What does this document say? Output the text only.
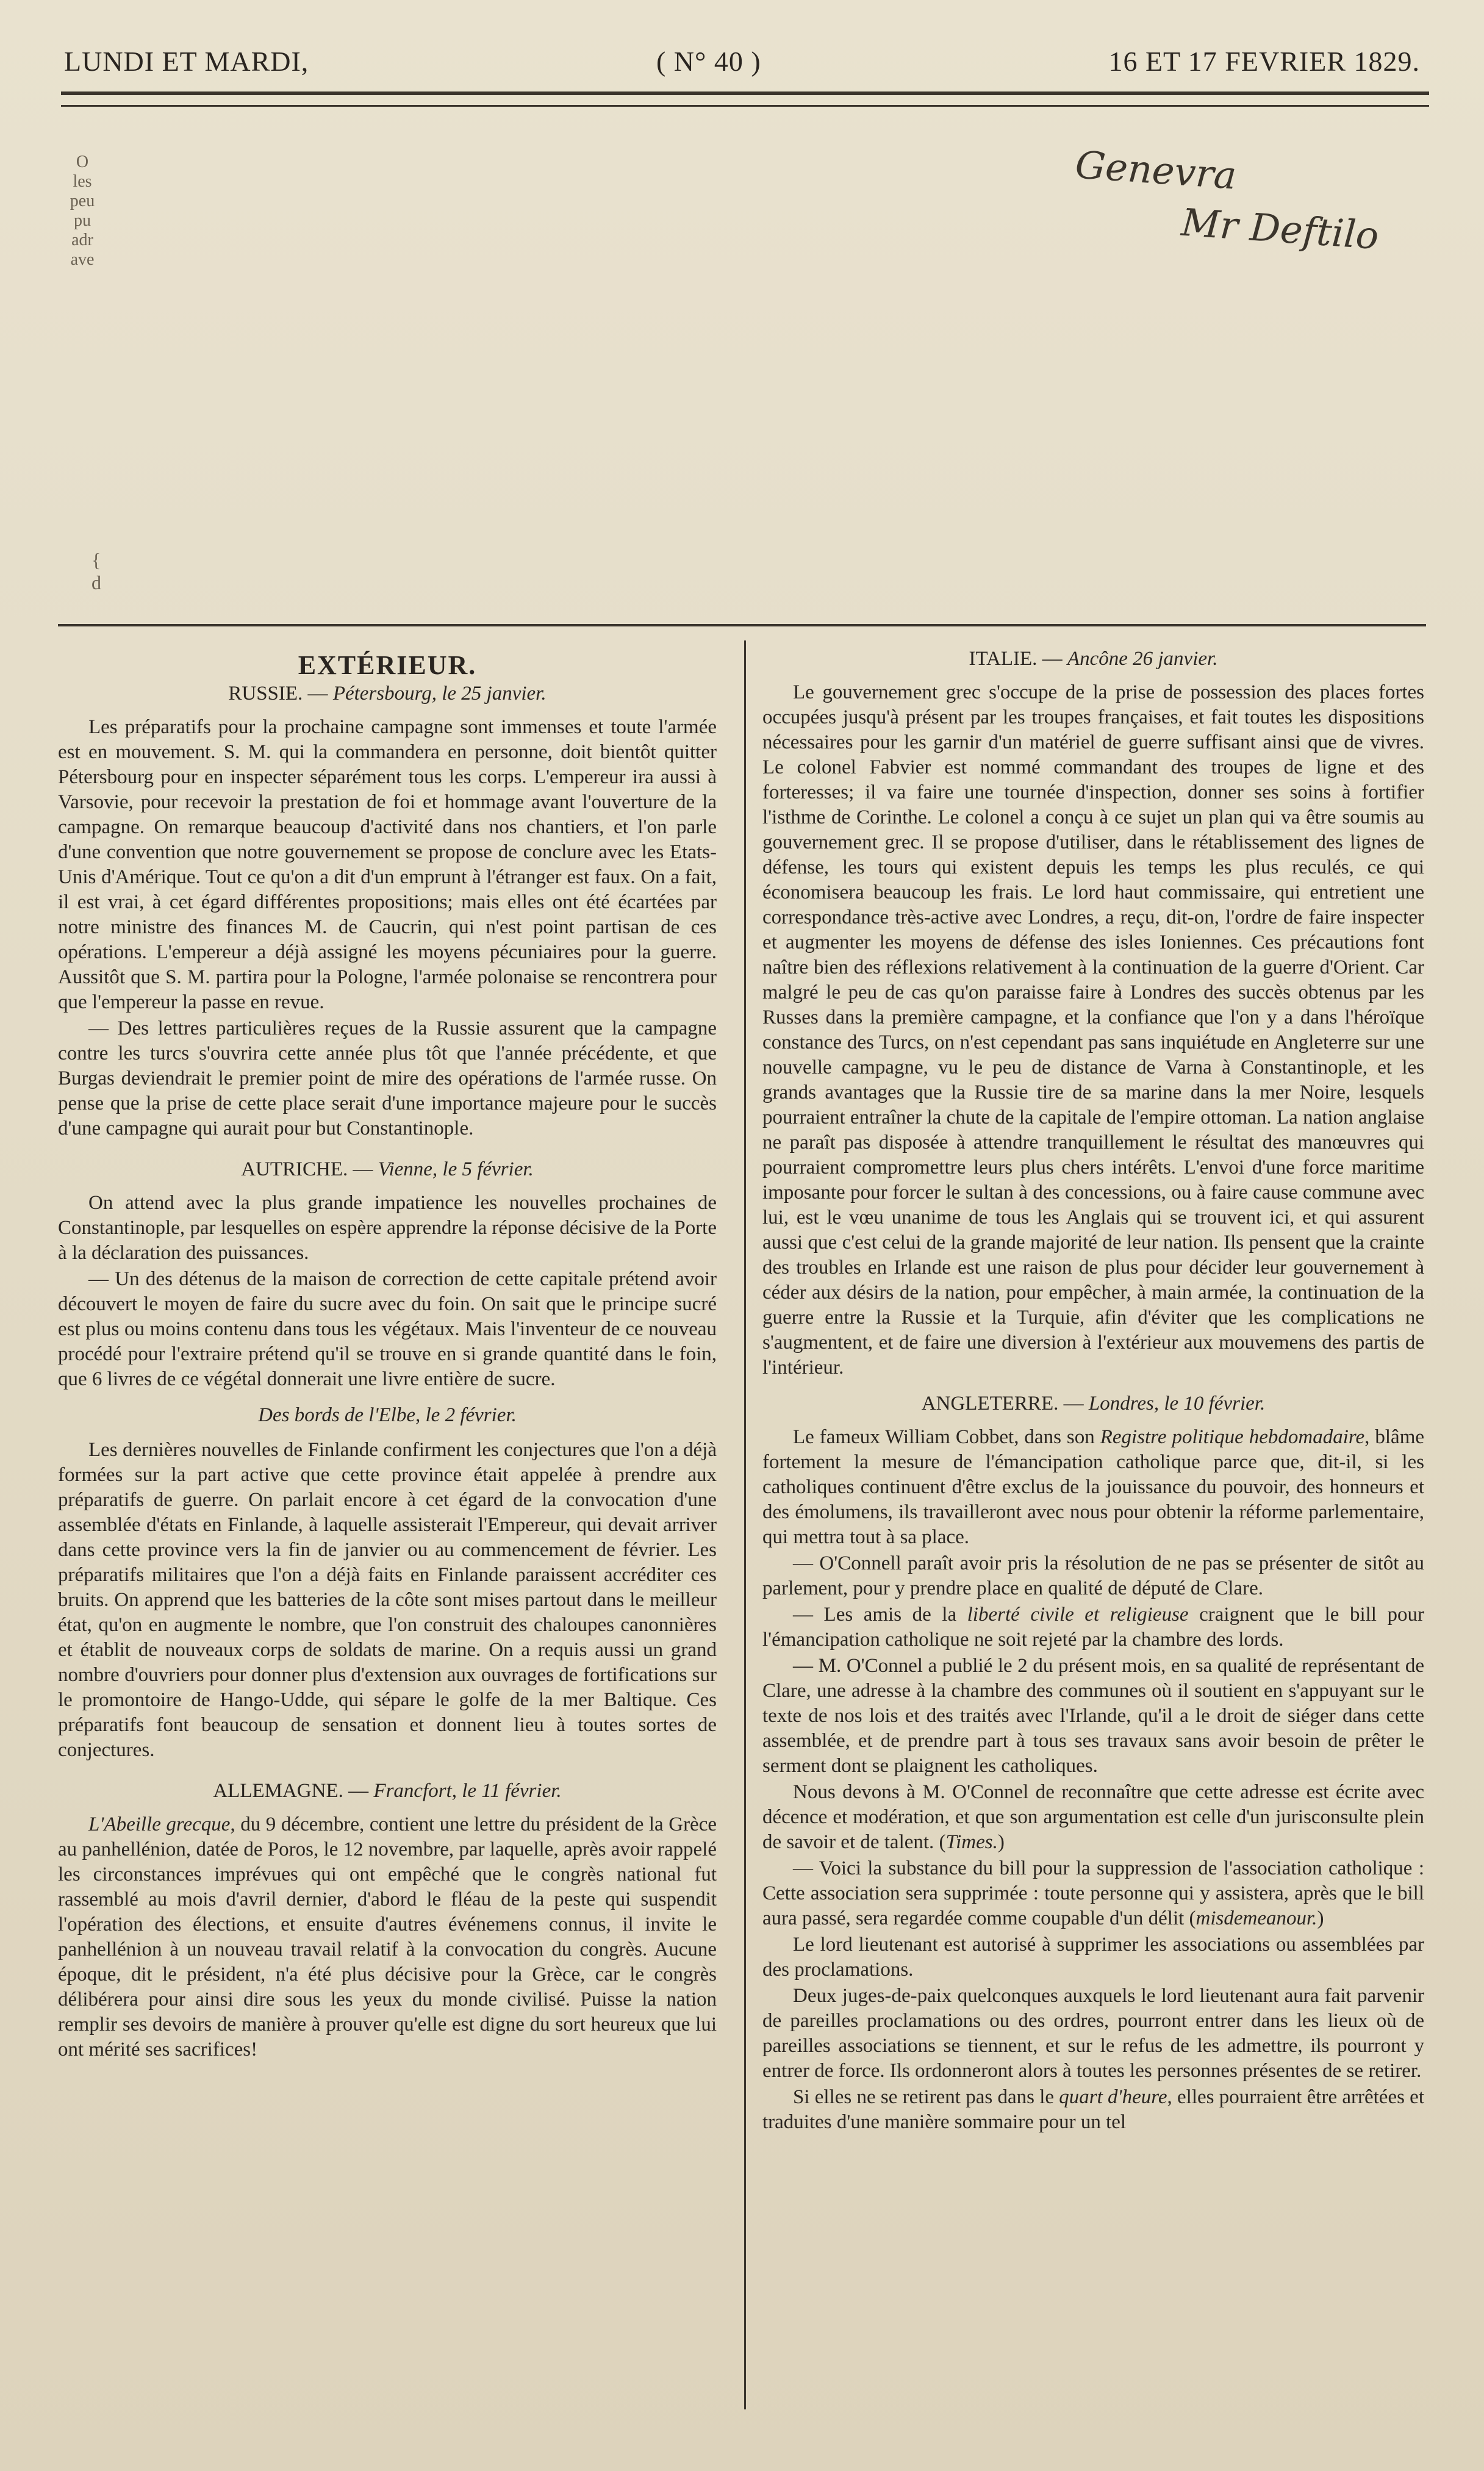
LUNDI ET MARDI,	( N° 40 )	16 ET 17 FEVRIER 1829.
O
les
peu
pu
adr
ave
{
d
Genevra
Mr Deftilo
EXTÉRIEUR.
RUSSIE. — Pétersbourg, le 25 janvier.

Les préparatifs pour la prochaine campagne sont immenses et toute l'armée est en mouvement. S. M. qui la commandera en personne, doit bientôt quitter Pétersbourg pour en inspecter séparément tous les corps. L'empereur ira aussi à Varsovie, pour recevoir la prestation de foi et hommage avant l'ouverture de la campagne. On remarque beaucoup d'activité dans nos chantiers, et l'on parle d'une convention que notre gouvernement se propose de conclure avec les Etats-Unis d'Amérique. Tout ce qu'on a dit d'un emprunt à l'étranger est faux. On a fait, il est vrai, à cet égard différentes propositions; mais elles ont été écartées par notre ministre des finances M. de Caucrin, qui n'est point partisan de ces opérations. L'empereur a déjà assigné les moyens pécuniaires pour la guerre. Aussitôt que S. M. partira pour la Pologne, l'armée polonaise se rencontrera pour que l'empereur la passe en revue.

— Des lettres particulières reçues de la Russie assurent que la campagne contre les turcs s'ouvrira cette année plus tôt que l'année précédente, et que Burgas deviendrait le premier point de mire des opérations de l'armée russe. On pense que la prise de cette place serait d'une importance majeure pour le succès d'une campagne qui aurait pour but Constantinople.

AUTRICHE. — Vienne, le 5 février.

On attend avec la plus grande impatience les nouvelles prochaines de Constantinople, par lesquelles on espère apprendre la réponse décisive de la Porte à la déclaration des puissances.

— Un des détenus de la maison de correction de cette capitale prétend avoir découvert le moyen de faire du sucre avec du foin. On sait que le principe sucré est plus ou moins contenu dans tous les végétaux. Mais l'inventeur de ce nouveau procédé pour l'extraire prétend qu'il se trouve en si grande quantité dans le foin, que 6 livres de ce végétal donnerait une livre entière de sucre.

Des bords de l'Elbe, le 2 février.

Les dernières nouvelles de Finlande confirment les conjectures que l'on a déjà formées sur la part active que cette province était appelée à prendre aux préparatifs de guerre. On parlait encore à cet égard de la convocation d'une assemblée d'états en Finlande, à laquelle assisterait l'Empereur, qui devait arriver dans cette province vers la fin de janvier ou au commencement de février. Les préparatifs militaires que l'on a déjà faits en Finlande paraissent accréditer ces bruits. On apprend que les batteries de la côte sont mises partout dans le meilleur état, qu'on en augmente le nombre, que l'on construit des chaloupes canonnières et établit de nouveaux corps de soldats de marine. On a requis aussi un grand nombre d'ouvriers pour donner plus d'extension aux ouvrages de fortifications sur le promontoire de Hango-Udde, qui sépare le golfe de la mer Baltique. Ces préparatifs font beaucoup de sensation et donnent lieu à toutes sortes de conjectures.

ALLEMAGNE. — Francfort, le 11 février.

L'Abeille grecque, du 9 décembre, contient une lettre du président de la Grèce au panhellénion, datée de Poros, le 12 novembre, par laquelle, après avoir rappelé les circonstances imprévues qui ont empêché que le congrès national fut rassemblé au mois d'avril dernier, d'abord le fléau de la peste qui suspendit l'opération des élections, et ensuite d'autres événemens connus, il invite le panhellénion à un nouveau travail relatif à la convocation du congrès. Aucune époque, dit le président, n'a été plus décisive pour la Grèce, car le congrès délibérera pour ainsi dire sous les yeux du monde civilisé. Puisse la nation remplir ses devoirs de manière à prouver qu'elle est digne du sort heureux que lui ont mérité ses sacrifices!

ITALIE. — Ancône 26 janvier.

Le gouvernement grec s'occupe de la prise de possession des places fortes occupées jusqu'à présent par les troupes françaises, et fait toutes les dispositions nécessaires pour les garnir d'un matériel de guerre suffisant ainsi que de vivres. Le colonel Fabvier est nommé commandant des troupes de ligne et des forteresses; il va faire une tournée d'inspection, donner ses soins à fortifier l'isthme de Corinthe. Le colonel a conçu à ce sujet un plan qui va être soumis au gouvernement grec. Il se propose d'utiliser, dans le rétablissement des lignes de défense, les tours qui existent depuis les temps les plus reculés, ce qui économisera beaucoup les frais. Le lord haut commissaire, qui entretient une correspondance très-active avec Londres, a reçu, dit-on, l'ordre de faire inspecter et augmenter les moyens de défense des isles Ioniennes. Ces précautions font naître bien des réflexions relativement à la continuation de la guerre d'Orient. Car malgré le peu de cas qu'on paraisse faire à Londres des succès obtenus par les Russes dans la première campagne, et la confiance que l'on y a dans l'héroïque constance des Turcs, on n'est cependant pas sans inquiétude en Angleterre sur une nouvelle campagne, vu le peu de distance de Varna à Constantinople, et les grands avantages que la Russie tire de sa marine dans la mer Noire, lesquels pourraient entraîner la chute de la capitale de l'empire ottoman. La nation anglaise ne paraît pas disposée à attendre tranquillement le résultat des manœuvres qui pourraient compromettre leurs plus chers intérêts. L'envoi d'une force maritime imposante pour forcer le sultan à des concessions, ou à faire cause commune avec lui, est le vœu unanime de tous les Anglais qui se trouvent ici, et qui assurent aussi que c'est celui de la grande majorité de leur nation. Ils pensent que la crainte des troubles en Irlande est une raison de plus pour décider leur gouvernement à céder aux désirs de la nation, pour empêcher, à main armée, la continuation de la guerre entre la Russie et la Turquie, afin d'éviter que les complications ne s'augmentent, et de faire une diversion à l'extérieur aux mouvemens des partis de l'intérieur.

ANGLETERRE. — Londres, le 10 février.

Le fameux William Cobbet, dans son Registre politique hebdomadaire, blâme fortement la mesure de l'émancipation catholique parce que, dit-il, si les catholiques continuent d'être exclus de la jouissance du pouvoir, des honneurs et des émolumens, ils travailleront avec nous pour obtenir la réforme parlementaire, qui mettra tout à sa place.

— O'Connell paraît avoir pris la résolution de ne pas se présenter de sitôt au parlement, pour y prendre place en qualité de député de Clare.

— Les amis de la liberté civile et religieuse craignent que le bill pour l'émancipation catholique ne soit rejeté par la chambre des lords.

— M. O'Connel a publié le 2 du présent mois, en sa qualité de représentant de Clare, une adresse à la chambre des communes où il soutient en s'appuyant sur le texte de nos lois et des traités avec l'Irlande, qu'il a le droit de siéger dans cette assemblée, et de prendre part à tous ses travaux sans avoir besoin de prêter le serment dont se plaignent les catholiques.

Nous devons à M. O'Connel de reconnaître que cette adresse est écrite avec décence et modération, et que son argumentation est celle d'un jurisconsulte plein de savoir et de talent. (Times.)

— Voici la substance du bill pour la suppression de l'association catholique : Cette association sera supprimée : toute personne qui y assistera, après que le bill aura passé, sera regardée comme coupable d'un délit (misdemeanour.)

Le lord lieutenant est autorisé à supprimer les associations ou assemblées par des proclamations.

Deux juges-de-paix quelconques auxquels le lord lieutenant aura fait parvenir de pareilles proclamations ou des ordres, pourront entrer dans les lieux où de pareilles associations se tiennent, et sur le refus de les admettre, ils pourront y entrer de force. Ils ordonneront alors à toutes les personnes présentes de se retirer.

Si elles ne se retirent pas dans le quart d'heure, elles pourraient être arrêtées et traduites d'une manière sommaire pour un tel
